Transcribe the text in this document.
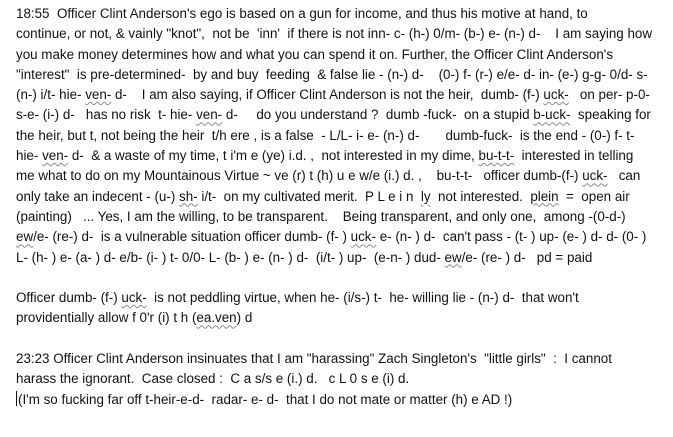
18:55  Officer Clint Anderson's ego is based on a gun for income, and thus his motive at hand, to
continue, or not, & vainly "knot",  not be  'inn'  if there is not inn- c- (h-) 0/m- (b-) e- (n-) d-    I am saying how
you make money determines how and what you can spend it on. Further, the Officer Clint Anderson's
"interest"  is pre-determined-  by and buy  feeding  & false lie - (n-) d-    (0-) f- (r-) e/e- d- in- (e-) g-g- 0/d- s-
(n-) i/t- hie- ven- d-    I am also saying, if Officer Clint Anderson is not the heir,  dumb- (f-) uck-   on per- p-0-
s-e- (i-) d-   has no risk  t- hie- ven- d-     do you understand ?  dumb -fuck-  on a stupid b-uck-  speaking for
the heir, but t, not being the heir  t/h ere , is a false  - L/L- i- e- (n-) d-       dumb-fuck-  is the end - (0-) f- t-
hie- ven- d-  & a waste of my time, t i'm e (ye) i.d. ,  not interested in my dime, bu-t-t-  interested in telling
me what to do on my Mountainous Virtue ~ ve (r) t (h) u e w/e (i.) d. ,    bu-t-t-   officer dumb-(f-) uck-   can
only take an indecent - (u-) sh- i/t-  on my cultivated merit.  P L e i n  ly  not interested.  plein  =  open air
(painting)   ... Yes, I am the willing, to be transparent.    Being transparent, and only one,  among -(0-d-)
ew/e- (re-) d-  is a vulnerable situation officer dumb- (f- ) uck- e- (n- ) d-  can't pass - (t- ) up- (e- ) d- d- (0- )
L- (h- ) e- (a- ) d- e/b- (i- ) t- 0/0- L- (b- ) e- (n- ) d-  (i/t- ) up-  (e-n- ) dud- ew/e- (re- ) d-   pd = paid
Officer dumb- (f-) uck-  is not peddling virtue, when he- (i/s-) t-  he- willing lie - (n-) d-  that won't
providentially allow f 0'r (i) t h (ea.ven) d
23:23 Officer Clint Anderson insinuates that I am "harassing" Zach Singleton's  "little girls"  :  I cannot
harass the ignorant.  Case closed :  C a s/s e (i.) d.   c L 0 s e (i) d.
(I'm so fucking far off t-heir-e-d-  radar- e- d-  that I do not mate or matter (h) e AD !)
